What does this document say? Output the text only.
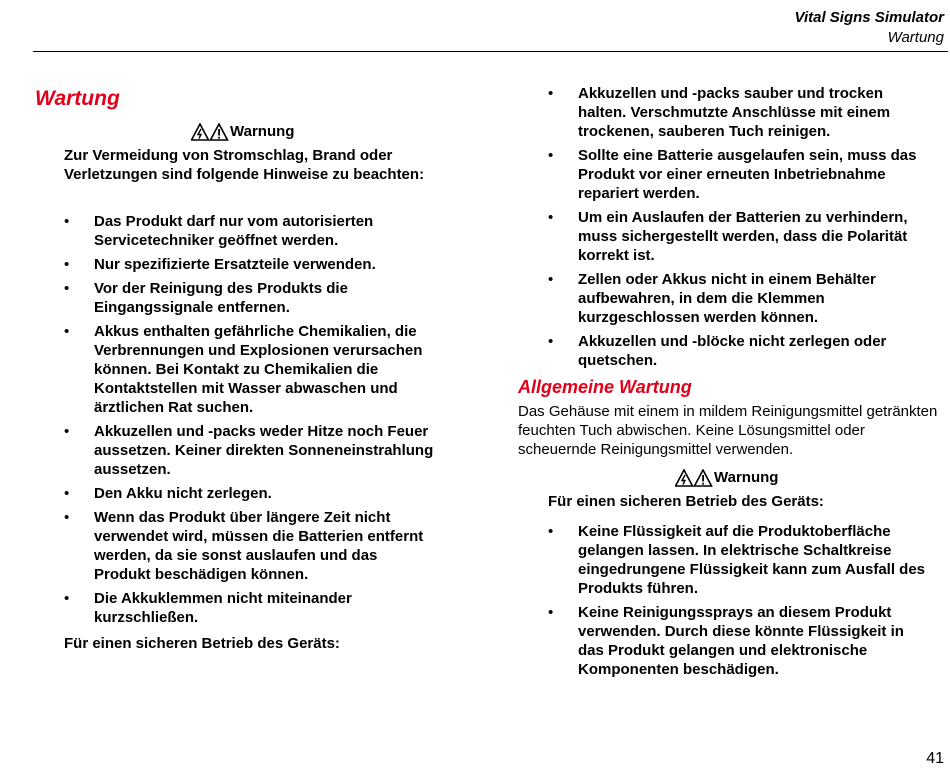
Vital Signs Simulator
Wartung
Wartung
Warnung
Zur Vermeidung von Stromschlag, Brand oder Verletzungen sind folgende Hinweise zu beachten:
• Das Produkt darf nur vom autorisierten Servicetechniker geöffnet werden.
• Nur spezifizierte Ersatzteile verwenden.
• Vor der Reinigung des Produkts die Eingangssignale entfernen.
• Akkus enthalten gefährliche Chemikalien, die Verbrennungen und Explosionen verursachen können. Bei Kontakt zu Chemikalien die Kontaktstellen mit Wasser abwaschen und ärztlichen Rat suchen.
• Akkuzellen und -packs weder Hitze noch Feuer aussetzen. Keiner direkten Sonneneinstrahlung aussetzen.
• Den Akku nicht zerlegen.
• Wenn das Produkt über längere Zeit nicht verwendet wird, müssen die Batterien entfernt werden, da sie sonst auslaufen und das Produkt beschädigen können.
• Die Akkuklemmen nicht miteinander kurzschließen.
Für einen sicheren Betrieb des Geräts:
• Akkuzellen und -packs sauber und trocken halten. Verschmutzte Anschlüsse mit einem trockenen, sauberen Tuch reinigen.
• Sollte eine Batterie ausgelaufen sein, muss das Produkt vor einer erneuten Inbetriebnahme repariert werden.
• Um ein Auslaufen der Batterien zu verhindern, muss sichergestellt werden, dass die Polarität korrekt ist.
• Zellen oder Akkus nicht in einem Behälter aufbewahren, in dem die Klemmen kurzgeschlossen werden können.
• Akkuzellen und -blöcke nicht zerlegen oder quetschen.
Allgemeine Wartung
Das Gehäuse mit einem in mildem Reinigungsmittel getränkten feuchten Tuch abwischen. Keine Lösungsmittel oder scheuernde Reinigungsmittel verwenden.
Warnung
Für einen sicheren Betrieb des Geräts:
• Keine Flüssigkeit auf die Produktoberfläche gelangen lassen. In elektrische Schaltkreise eingedrungene Flüssigkeit kann zum Ausfall des Produkts führen.
• Keine Reinigungssprays an diesem Produkt verwenden. Durch diese könnte Flüssigkeit in das Produkt gelangen und elektronische Komponenten beschädigen.
41
